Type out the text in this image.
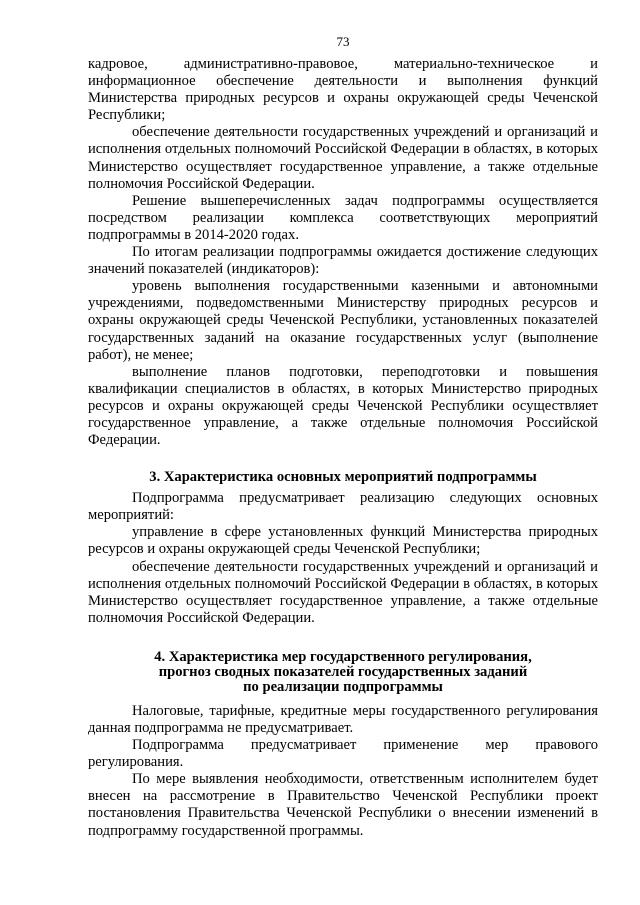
73

кадровое, административно-правовое, материально-техническое и информационное обеспечение деятельности и выполнения функций Министерства природных ресурсов и охраны окружающей среды Чеченской Республики;

обеспечение деятельности государственных учреждений и организаций и исполнения отдельных полномочий Российской Федерации в областях, в которых Министерство осуществляет государственное управление, а также отдельные полномочия Российской Федерации.

Решение вышеперечисленных задач подпрограммы осуществляется посредством реализации комплекса соответствующих мероприятий подпрограммы в 2014-2020 годах.

По итогам реализации подпрограммы ожидается достижение следующих значений показателей (индикаторов):

уровень выполнения государственными казенными и автономными учреждениями, подведомственными Министерству природных ресурсов и охраны окружающей среды Чеченской Республики, установленных показателей государственных заданий на оказание государственных услуг (выполнение работ), не менее;

выполнение планов подготовки, переподготовки и повышения квалификации специалистов в областях, в которых Министерство природных ресурсов и охраны окружающей среды Чеченской Республики осуществляет государственное управление, а также отдельные полномочия Российской Федерации.

3. Характеристика основных мероприятий подпрограммы

Подпрограмма предусматривает реализацию следующих основных мероприятий:

управление в сфере установленных функций Министерства природных ресурсов и охраны окружающей среды Чеченской Республики;

обеспечение деятельности государственных учреждений и организаций и исполнения отдельных полномочий Российской Федерации в областях, в которых Министерство осуществляет государственное управление, а также отдельные полномочия Российской Федерации.

4. Характеристика мер государственного регулирования,
прогноз сводных показателей государственных заданий
по реализации подпрограммы

Налоговые, тарифные, кредитные меры государственного регулирования данная подпрограмма не предусматривает.

Подпрограмма предусматривает применение мер правового регулирования.

По мере выявления необходимости, ответственным исполнителем будет внесен на рассмотрение в Правительство Чеченской Республики проект постановления Правительства Чеченской Республики о внесении изменений в подпрограмму государственной программы.
